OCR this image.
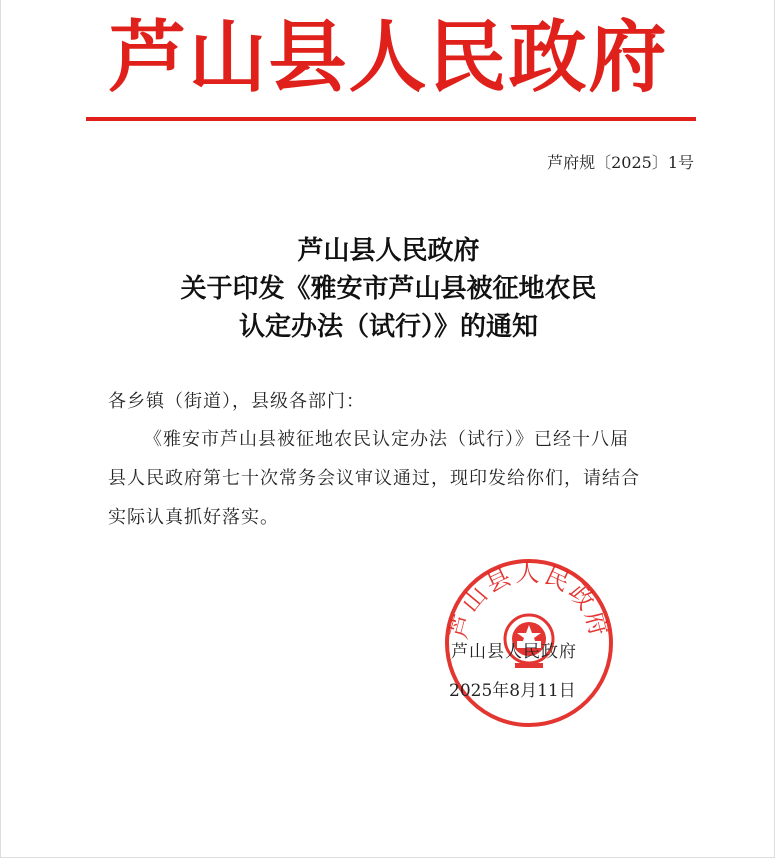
芦山县人民政府
芦府规〔2025〕1号
芦山县人民政府
关于印发《雅安市芦山县被征地农民
认定办法（试行）》的通知
各乡镇（街道），县级各部门：
《雅安市芦山县被征地农民认定办法（试行）》已经十八届
县人民政府第七十次常务会议审议通过，现印发给你们，请结合
实际认真抓好落实。
芦山县人民政府
芦山县人民政府
2025年8月11日
